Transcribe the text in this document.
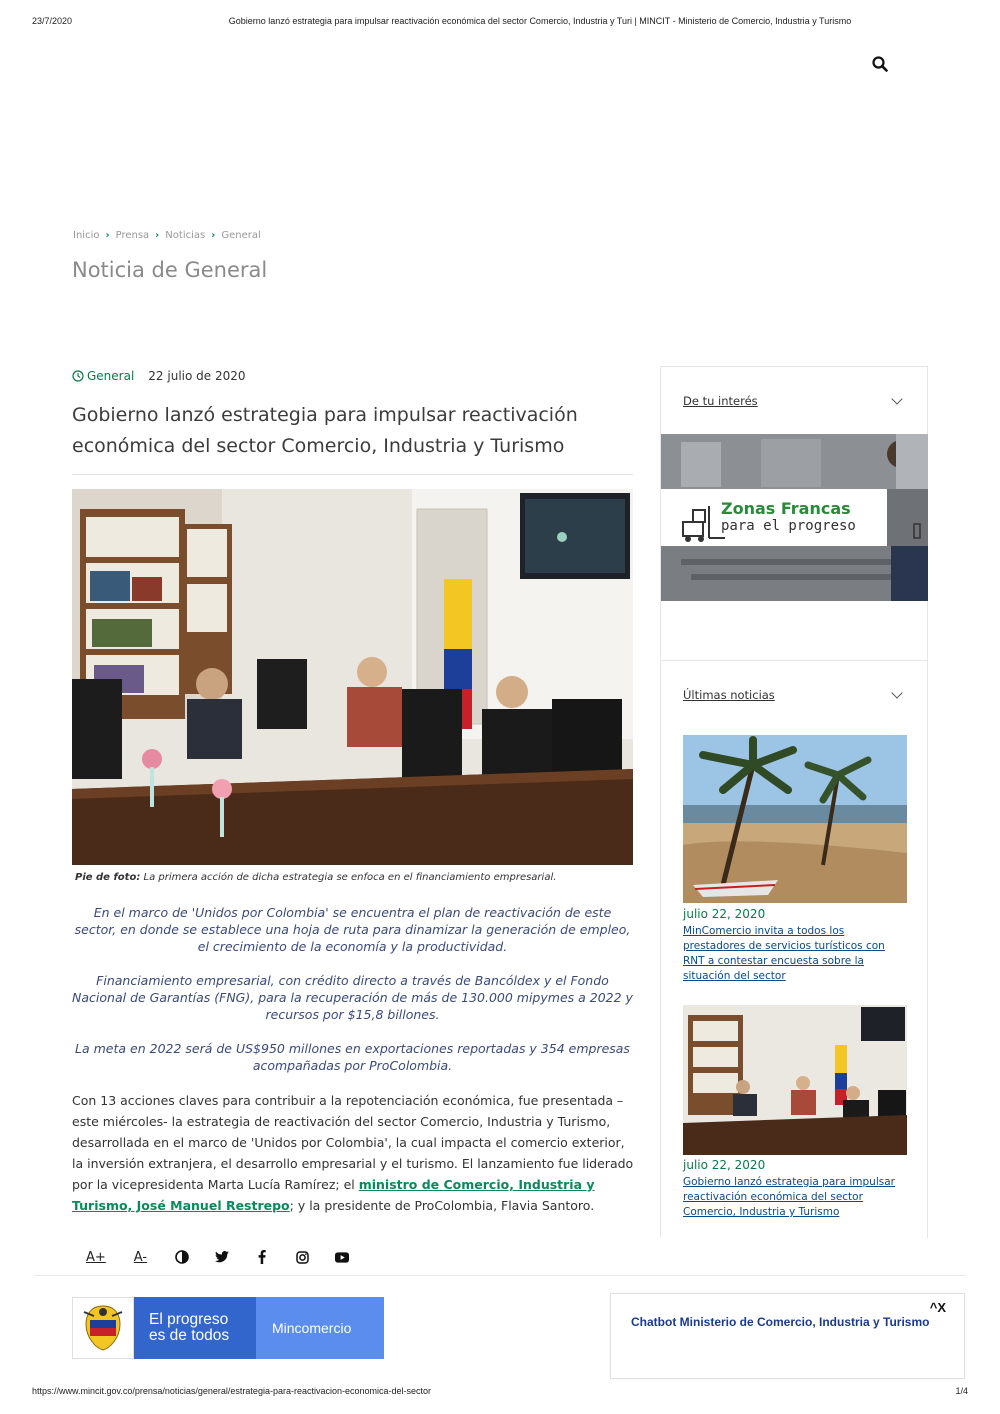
23/7/2020	Gobierno lanzó estrategia para impulsar reactivación económica del sector Comercio, Industria y Turi | MINCIT - Ministerio de Comercio, Industria y Turismo
Inicio › Prensa › Noticias › General
Noticia de General
General 22 julio de 2020
Gobierno lanzó estrategia para impulsar reactivación económica del sector Comercio, Industria y Turismo
Pie de foto: La primera acción de dicha estrategia se enfoca en el financiamiento empresarial.

En el marco de 'Unidos por Colombia' se encuentra el plan de reactivación de este sector, en donde se establece una hoja de ruta para dinamizar la generación de empleo, el crecimiento de la economía y la productividad.

Financiamiento empresarial, con crédito directo a través de Bancóldex y el Fondo Nacional de Garantías (FNG), para la recuperación de más de 130.000 mipymes a 2022 y recursos por $15,8 billones.

La meta en 2022 será de US$950 millones en exportaciones reportadas y 354 empresas acompañadas por ProColombia.

Con 13 acciones claves para contribuir a la repotenciación económica, fue presentada –este miércoles- la estrategia de reactivación del sector Comercio, Industria y Turismo, desarrollada en el marco de 'Unidos por Colombia', la cual impacta el comercio exterior, la inversión extranjera, el desarrollo empresarial y el turismo. El lanzamiento fue liderado por la vicepresidenta Marta Lucía Ramírez; el ministro de Comercio, Industria y Turismo, José Manuel Restrepo; y la presidente de ProColombia, Flavia Santoro.

De tu interés
Zonas Francas
para el progreso
Últimas noticias
julio 22, 2020
MinComercio invita a todos los prestadores de servicios turísticos con RNT a contestar encuesta sobre la situación del sector
julio 22, 2020
Gobierno lanzó estrategia para impulsar reactivación económica del sector Comercio, Industria y Turismo
A+ A-
El progreso
es de todos	Mincomercio	Chatbot Ministerio de Comercio, Industria y Turismo
^X
https://www.mincit.gov.co/prensa/noticias/general/estrategia-para-reactivacion-economica-del-sector	1/4
